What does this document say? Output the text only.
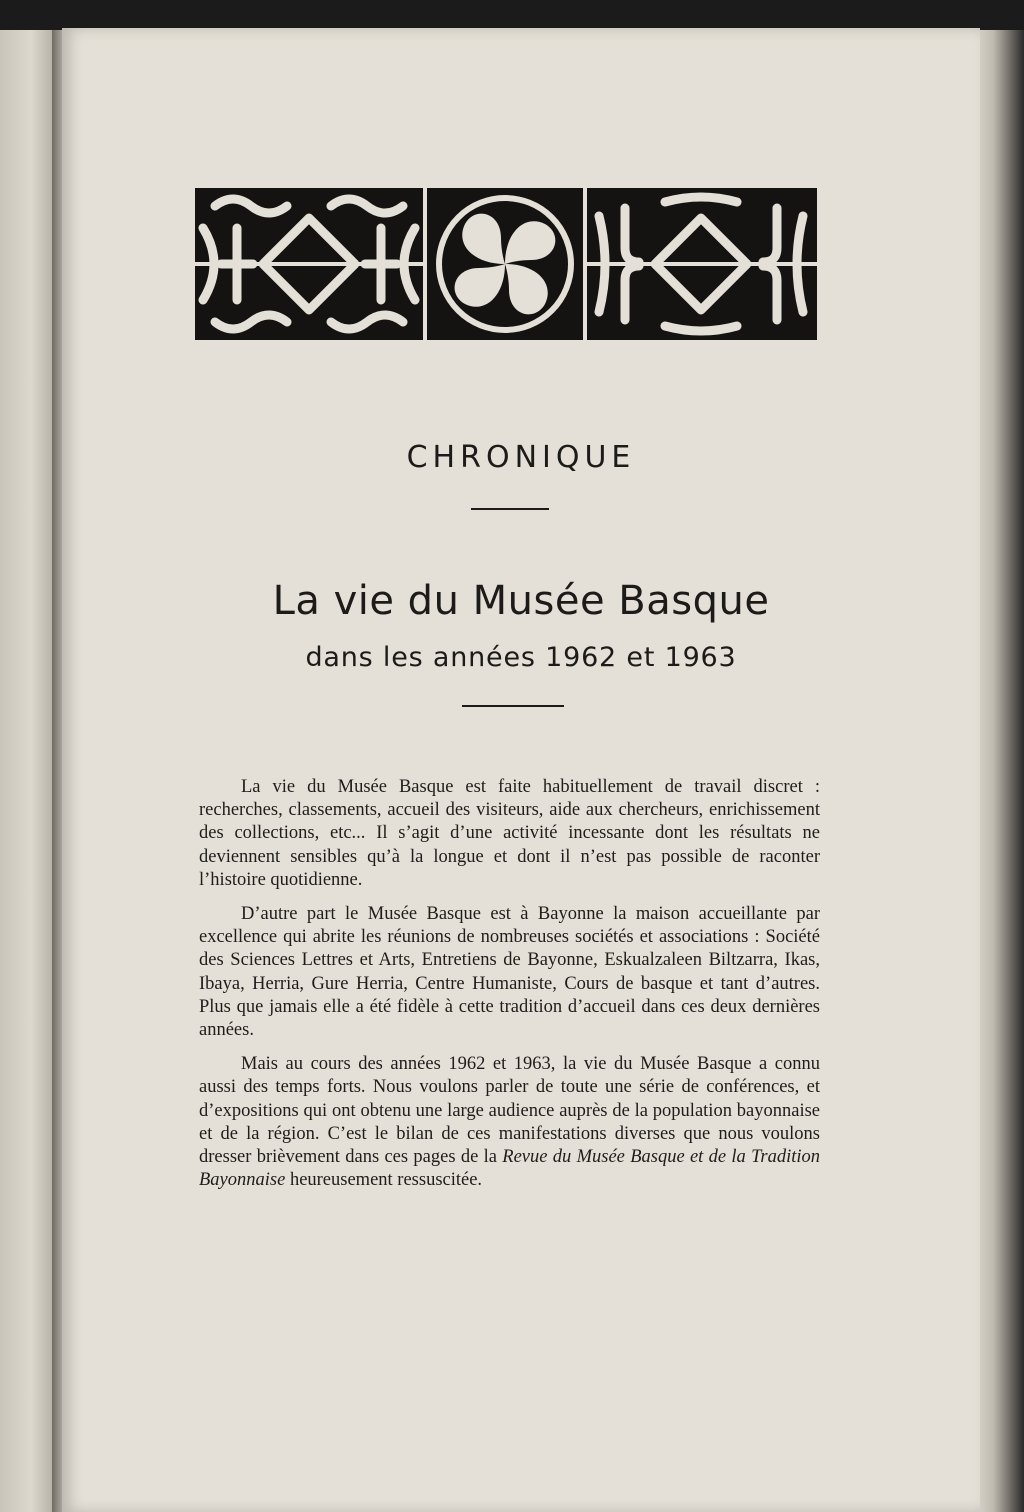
CHRONIQUE
La vie du Musée Basque
dans les années 1962 et 1963

La vie du Musée Basque est faite habituellement de travail discret : recherches, classements, accueil des visiteurs, aide aux chercheurs, enrichissement des collections, etc... Il s’agit d’une activité incessante dont les résultats ne deviennent sensibles qu’à la longue et dont il n’est pas possible de raconter l’histoire quotidienne.

D’autre part le Musée Basque est à Bayonne la maison accueillante par excellence qui abrite les réunions de nombreuses sociétés et associations : Société des Sciences Lettres et Arts, Entretiens de Bayonne, Eskualzaleen Biltzarra, Ikas, Ibaya, Herria, Gure Herria, Centre Humaniste, Cours de basque et tant d’autres. Plus que jamais elle a été fidèle à cette tradition d’accueil dans ces deux dernières années.

Mais au cours des années 1962 et 1963, la vie du Musée Basque a connu aussi des temps forts. Nous voulons parler de toute une série de conférences, et d’expositions qui ont obtenu une large audience auprès de la population bayonnaise et de la région. C’est le bilan de ces manifestations diverses que nous voulons dresser brièvement dans ces pages de la Revue du Musée Basque et de la Tradition Bayonnaise heureusement ressuscitée.
